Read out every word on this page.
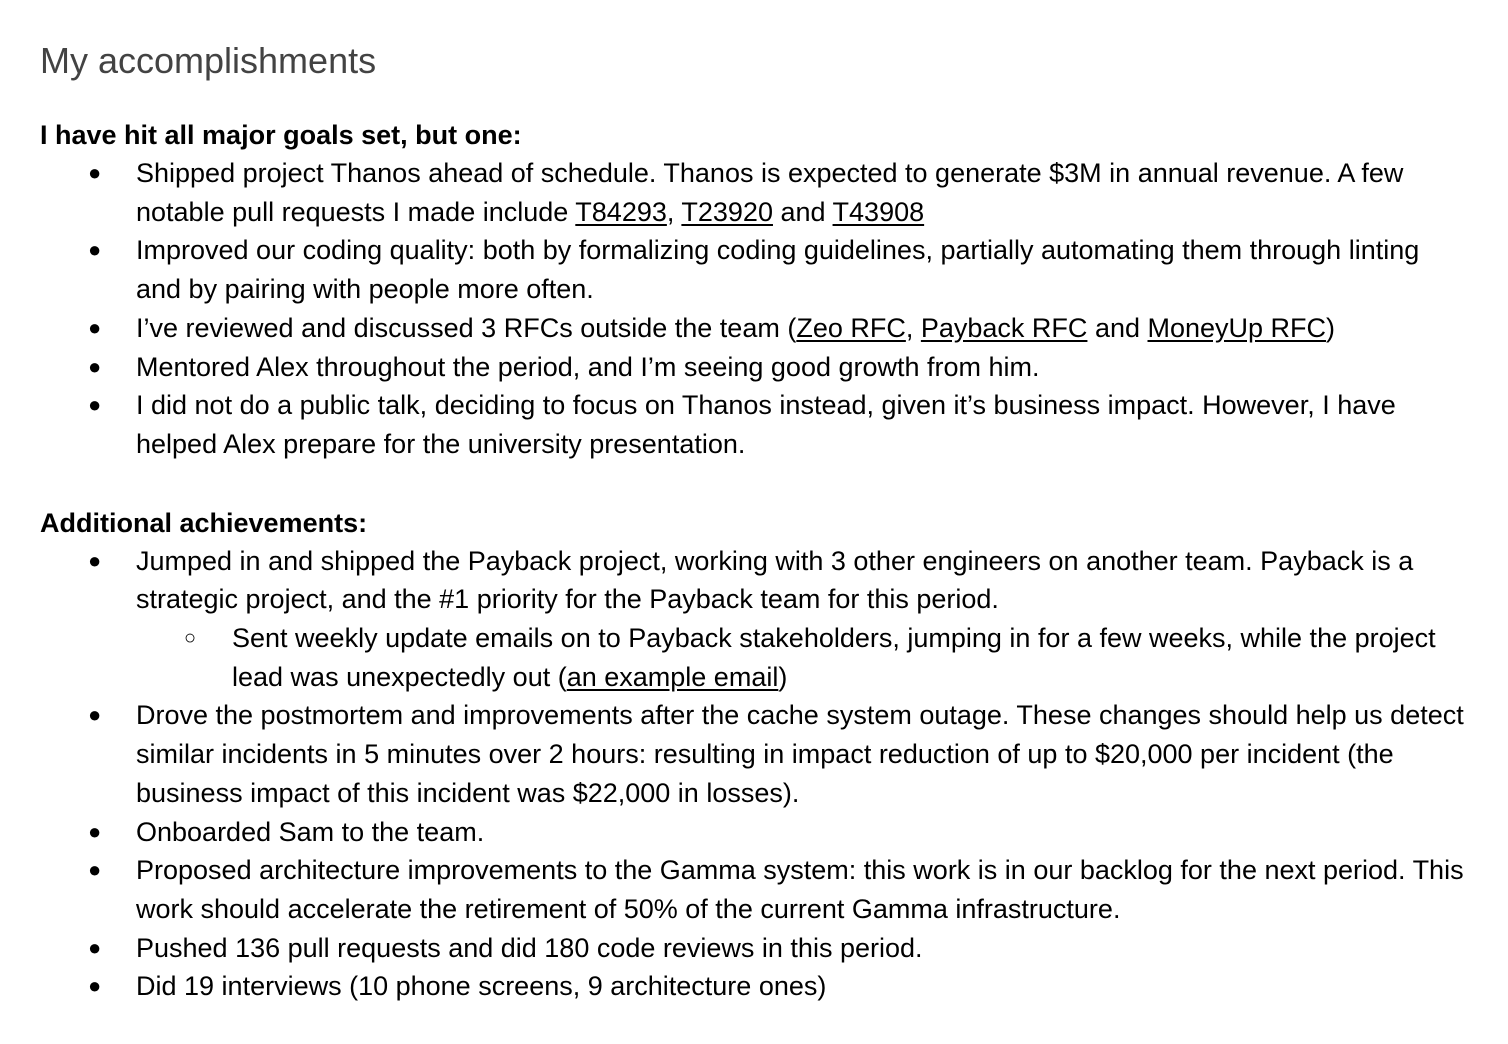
My accomplishments
I have hit all major goals set, but one:
● Shipped project Thanos ahead of schedule. Thanos is expected to generate $3M in annual revenue. A few notable pull requests I made include T84293, T23920 and T43908
● Improved our coding quality: both by formalizing coding guidelines, partially automating them through linting and by pairing with people more often.
● I’ve reviewed and discussed 3 RFCs outside the team (Zeo RFC, Payback RFC and MoneyUp RFC)
● Mentored Alex throughout the period, and I’m seeing good growth from him.
● I did not do a public talk, deciding to focus on Thanos instead, given it’s business impact. However, I have helped Alex prepare for the university presentation.
Additional achievements:
● Jumped in and shipped the Payback project, working with 3 other engineers on another team. Payback is a strategic project, and the #1 priority for the Payback team for this period.
○ Sent weekly update emails on to Payback stakeholders, jumping in for a few weeks, while the project lead was unexpectedly out (an example email)
● Drove the postmortem and improvements after the cache system outage. These changes should help us detect similar incidents in 5 minutes over 2 hours: resulting in impact reduction of up to $20,000 per incident (the business impact of this incident was $22,000 in losses).
● Onboarded Sam to the team.
● Proposed architecture improvements to the Gamma system: this work is in our backlog for the next period. This work should accelerate the retirement of 50% of the current Gamma infrastructure.
● Pushed 136 pull requests and did 180 code reviews in this period.
● Did 19 interviews (10 phone screens, 9 architecture ones)
